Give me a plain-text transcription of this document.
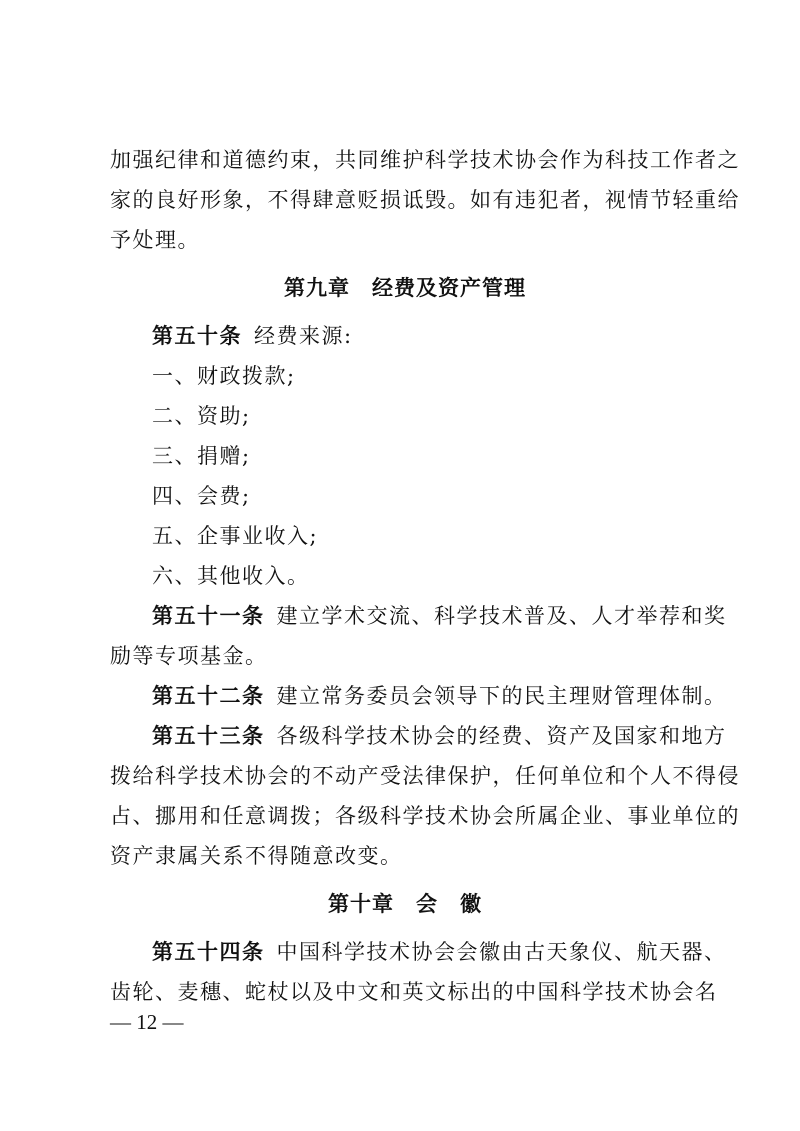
加强纪律和道德约束，共同维护科学技术协会作为科技工作者之
家的良好形象，不得肆意贬损诋毁。如有违犯者，视情节轻重给
予处理。
第九章 经费及资产管理
第五十条 经费来源:
一、财政拨款;
二、资助;
三、捐赠;
四、会费;
五、企事业收入;
六、其他收入。
第五十一条 建立学术交流、科学技术普及、人才举荐和奖
励等专项基金。
第五十二条 建立常务委员会领导下的民主理财管理体制。
第五十三条 各级科学技术协会的经费、资产及国家和地方
拨给科学技术协会的不动产受法律保护，任何单位和个人不得侵
占、挪用和任意调拨；各级科学技术协会所属企业、事业单位的
资产隶属关系不得随意改变。
第十章 会　徽
第五十四条 中国科学技术协会会徽由古天象仪、航天器、
齿轮、麦穗、蛇杖以及中文和英文标出的中国科学技术协会名
— 12 —
